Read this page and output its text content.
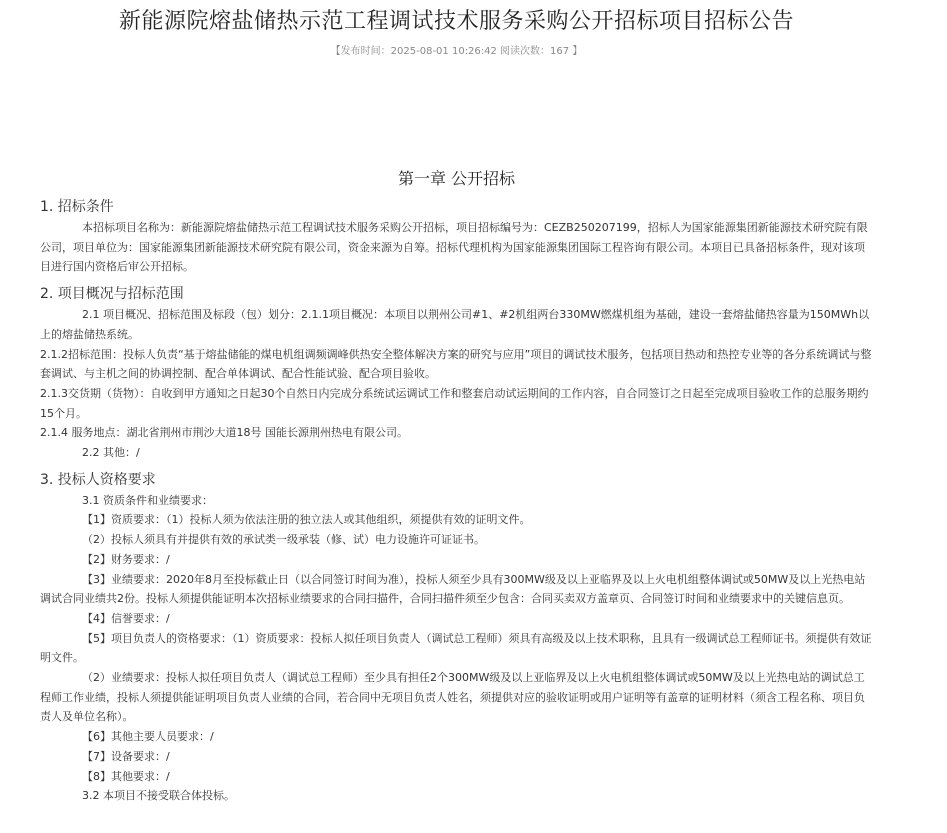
新能源院熔盐储热示范工程调试技术服务采购公开招标项目招标公告
【发布时间：2025-08-01 10:26:42 阅读次数：167 】
第一章 公开招标

1. 招标条件

本招标项目名称为：新能源院熔盐储热示范工程调试技术服务采购公开招标，项目招标编号为：CEZB250207199，招标人为国家能源集团新能源技术研究院有限公司，项目单位为：国家能源集团新能源技术研究院有限公司，资金来源为自筹。招标代理机构为国家能源集团国际工程咨询有限公司。本项目已具备招标条件，现对该项目进行国内资格后审公开招标。

2. 项目概况与招标范围

2.1 项目概况、招标范围及标段（包）划分：2.1.1项目概况：本项目以荆州公司#1、#2机组两台330MW燃煤机组为基础，建设一套熔盐储热容量为150MWh以上的熔盐储热系统。

2.1.2招标范围：投标人负责“基于熔盐储能的煤电机组调频调峰供热安全整体解决方案的研究与应用”项目的调试技术服务，包括项目热动和热控专业等的各分系统调试与整套调试、与主机之间的协调控制、配合单体调试、配合性能试验、配合项目验收。

2.1.3交货期（货物）：自收到甲方通知之日起30个自然日内完成分系统试运调试工作和整套启动试运期间的工作内容，自合同签订之日起至完成项目验收工作的总服务期约15个月。

2.1.4 服务地点：湖北省荆州市荆沙大道18号 国能长源荆州热电有限公司。

2.2 其他：/

3. 投标人资格要求

3.1 资质条件和业绩要求：

【1】资质要求：（1）投标人须为依法注册的独立法人或其他组织，须提供有效的证明文件。

（2）投标人须具有并提供有效的承试类一级承装（修、试）电力设施许可证证书。

【2】财务要求：/

【3】业绩要求：2020年8月至投标截止日（以合同签订时间为准），投标人须至少具有300MW级及以上亚临界及以上火电机组整体调试或50MW及以上光热电站调试合同业绩共2份。投标人须提供能证明本次招标业绩要求的合同扫描件，合同扫描件须至少包含：合同买卖双方盖章页、合同签订时间和业绩要求中的关键信息页。

【4】信誉要求：/

【5】项目负责人的资格要求：（1）资质要求：投标人拟任项目负责人（调试总工程师）须具有高级及以上技术职称，且具有一级调试总工程师证书。须提供有效证明文件。

（2）业绩要求：投标人拟任项目负责人（调试总工程师）至少具有担任2个300MW级及以上亚临界及以上火电机组整体调试或50MW及以上光热电站的调试总工程师工作业绩，投标人须提供能证明项目负责人业绩的合同，若合同中无项目负责人姓名，须提供对应的验收证明或用户证明等有盖章的证明材料（须含工程名称、项目负责人及单位名称）。

【6】其他主要人员要求：/

【7】设备要求：/

【8】其他要求：/

3.2 本项目不接受联合体投标。
